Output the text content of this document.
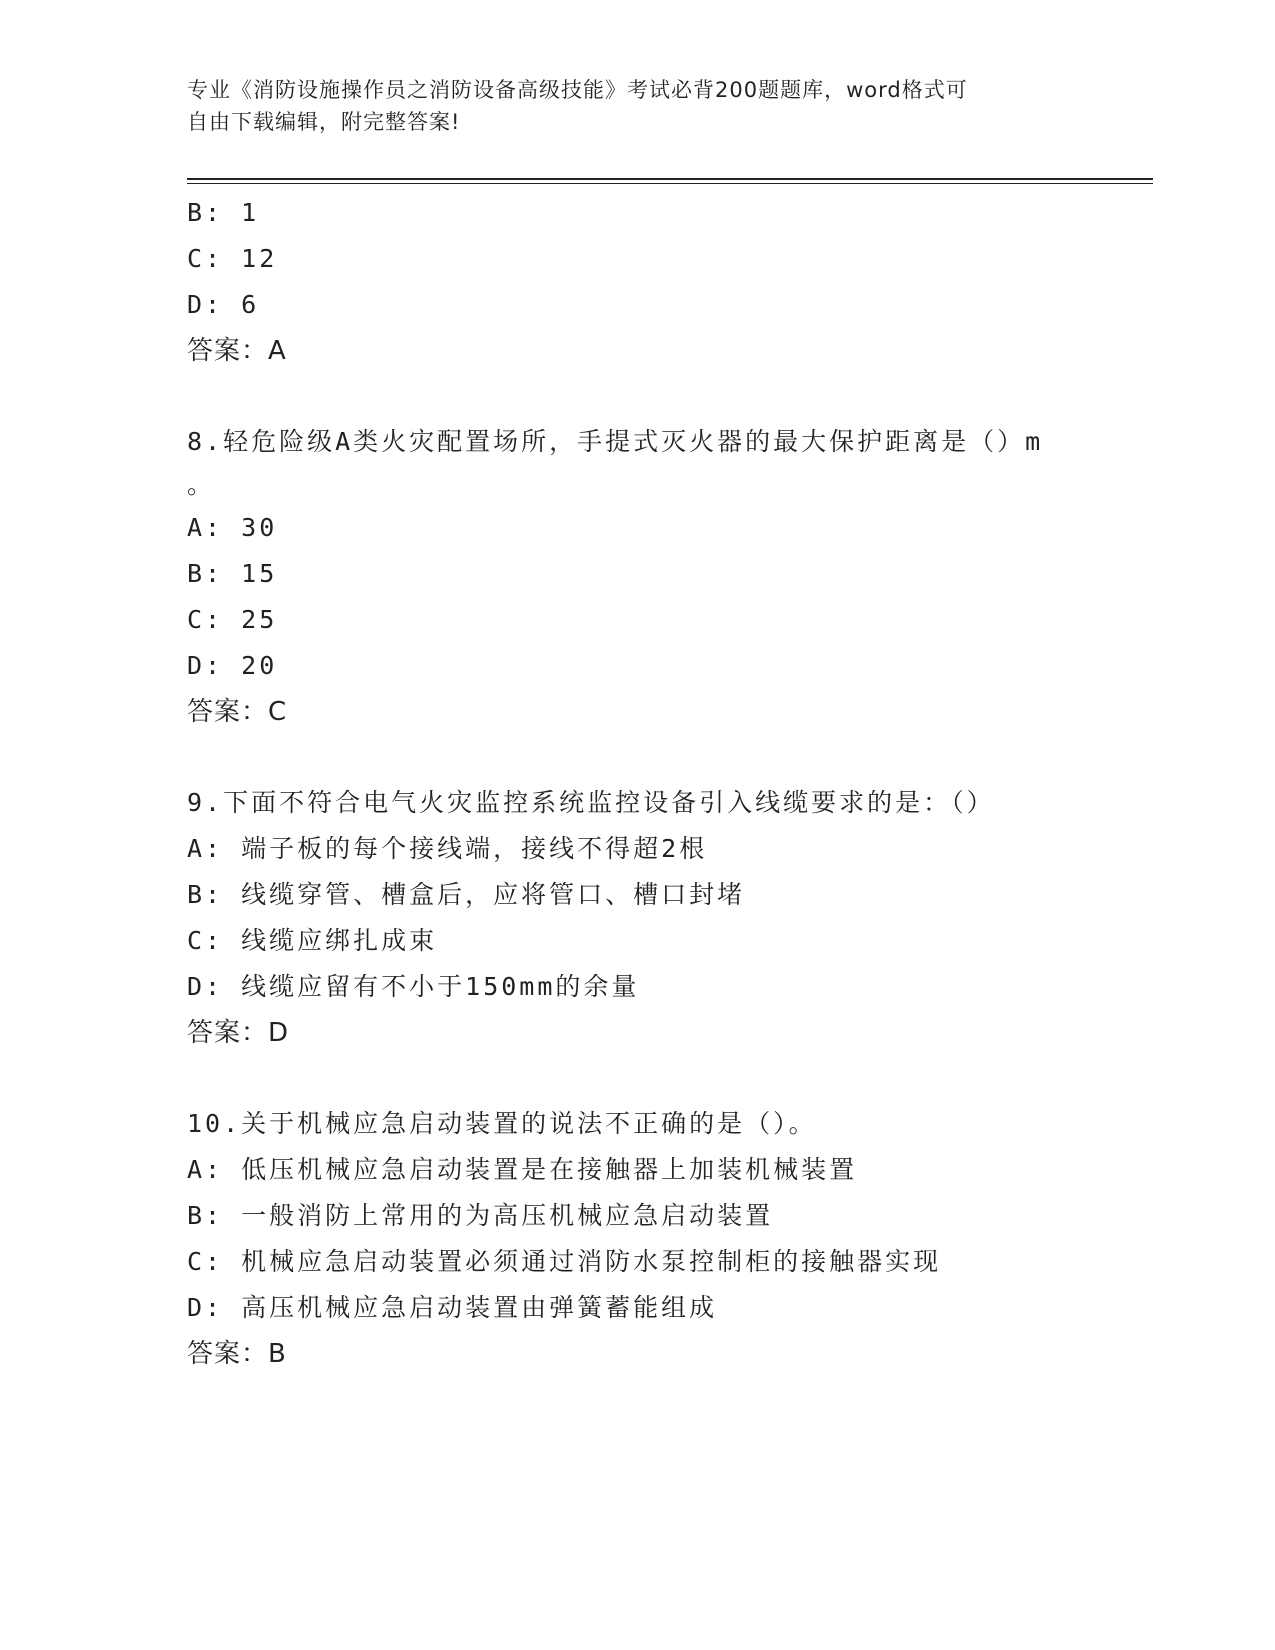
专业《消防设施操作员之消防设备高级技能》考试必背200题题库，word格式可
自由下载编辑，附完整答案!
B: 1
C: 12
D: 6
答案：A
8.轻危险级A类火灾配置场所，手提式灭火器的最大保护距离是（）m
。
A: 30
B: 15
C: 25
D: 20
答案：C
9.下面不符合电气火灾监控系统监控设备引入线缆要求的是：（）
A: 端子板的每个接线端，接线不得超2根
B: 线缆穿管、槽盒后，应将管口、槽口封堵
C: 线缆应绑扎成束
D: 线缆应留有不小于150mm的余量
答案：D
10.关于机械应急启动装置的说法不正确的是（）。
A: 低压机械应急启动装置是在接触器上加装机械装置
B: 一般消防上常用的为高压机械应急启动装置
C: 机械应急启动装置必须通过消防水泵控制柜的接触器实现
D: 高压机械应急启动装置由弹簧蓄能组成
答案：B
